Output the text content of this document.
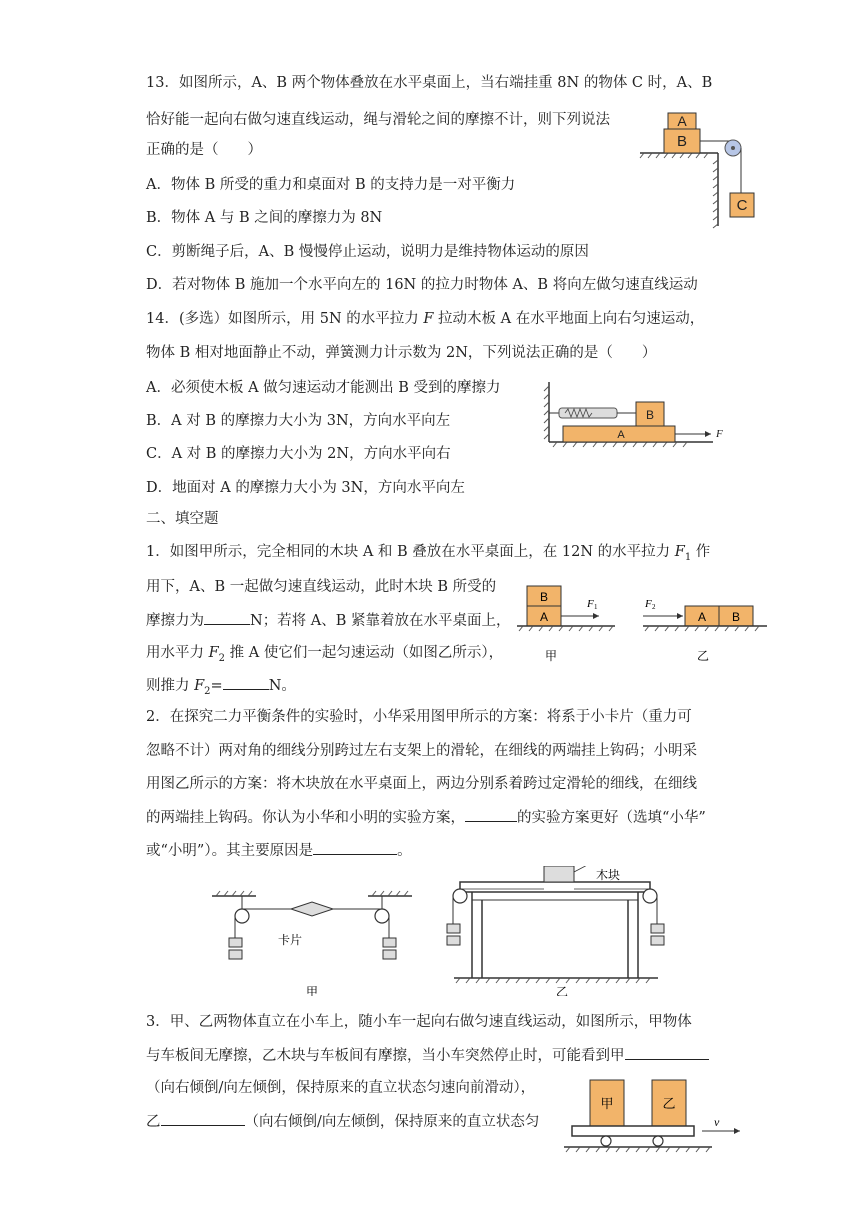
13．如图所示，A、B 两个物体叠放在水平桌面上，当右端挂重 8N 的物体 C 时，A、B
恰好能一起向右做匀速直线运动，绳与滑轮之间的摩擦不计，则下列说法
正确的是（　　）
A．物体 B 所受的重力和桌面对 B 的支持力是一对平衡力
B．物体 A 与 B 之间的摩擦力为 8N
C．剪断绳子后，A、B 慢慢停止运动，说明力是维持物体运动的原因
D．若对物体 B 施加一个水平向左的 16N 的拉力时物体 A、B 将向左做匀速直线运动
A
B
C
14．(多选）如图所示，用 5N 的水平拉力 F 拉动木板 A 在水平地面上向右匀速运动，
物体 B 相对地面静止不动，弹簧测力计示数为 2N，下列说法正确的是（　　）
A．必须使木板 A 做匀速运动才能测出 B 受到的摩擦力
B．A 对 B 的摩擦力大小为 3N，方向水平向左
C．A 对 B 的摩擦力大小为 2N，方向水平向右
D．地面对 A 的摩擦力大小为 3N，方向水平向左
B
A	F
二、填空题
1．如图甲所示，完全相同的木块 A 和 B 叠放在水平桌面上，在 12N 的水平拉力 $F_1$ 作
用下，A、B 一起做匀速直线运动，此时木块 B 所受的
摩擦力为	N；若将 A、B 紧靠着放在水平桌面上，
用水平力 $F_2$ 推 A 使它们一起匀速运动（如图乙所示），
则推力 $F_2=$	N。
B
A
F 1
甲
F 2
A B
乙
2．在探究二力平衡条件的实验时，小华采用图甲所示的方案：将系于小卡片（重力可
忽略不计）两对角的细线分别跨过左右支架上的滑轮，在细线的两端挂上钩码；小明采
用图乙所示的方案：将木块放在水平桌面上，两边分别系着跨过定滑轮的细线，在细线
的两端挂上钩码。你认为小华和小明的实验方案，	的实验方案更好（选填“小华”
或“小明”）。其主要原因是	。
卡片
甲
木块
乙
3．甲、乙两物体直立在小车上，随小车一起向右做匀速直线运动，如图所示，甲物体
与车板间无摩擦，乙木块与车板间有摩擦，当小车突然停止时，可能看到甲
（向右倾倒/向左倾倒，保持原来的直立状态匀速向前滑动），
乙	（向右倾倒/向左倾倒，保持原来的直立状态匀
甲	乙
v
